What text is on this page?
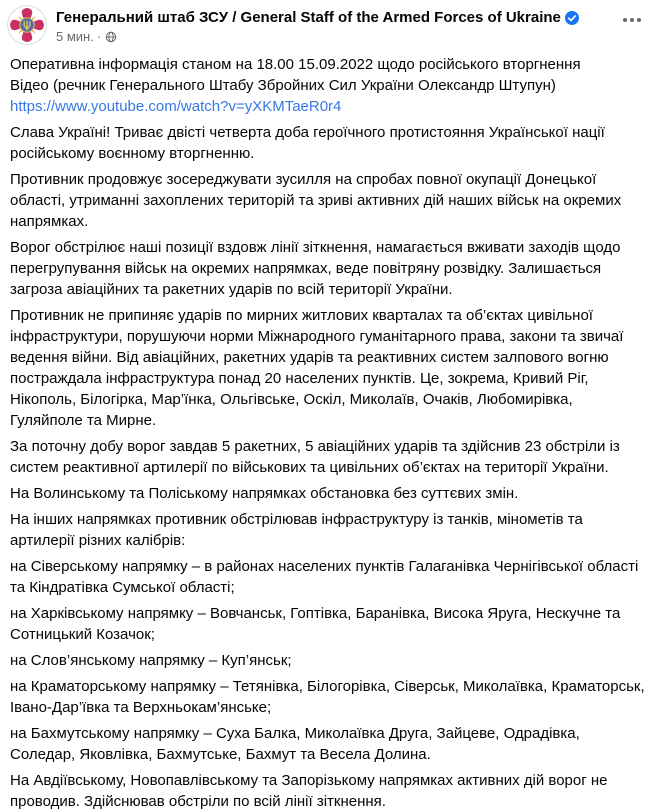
Генеральний штаб ЗСУ / General Staff of the Armed Forces of Ukraine
5 мин. ·
Оперативна інформація станом на 18.00 15.09.2022 щодо російського вторгнення
Відео (речник Генерального Штабу Збройних Сил України Олександр Штупун)
https://www.youtube.com/watch?v=yXKMTaeR0r4
Слава Україні! Триває двісті четверта доба героїчного протистояння Української нації російському воєнному вторгненню.
Противник продовжує зосереджувати зусилля на спробах повної окупації Донецької області, утриманні захоплених територій та зриві активних дій наших військ на окремих напрямках.
Ворог обстрілює наші позиції вздовж лінії зіткнення, намагається вживати заходів щодо перегрупування військ на окремих напрямках, веде повітряну розвідку. Залишається загроза авіаційних та ракетних ударів по всій території України.
Противник не припиняє ударів по мирних житлових кварталах та об’єктах цивільної інфраструктури, порушуючи норми Міжнародного гуманітарного права, закони та звичаї ведення війни. Від авіаційних, ракетних ударів та реактивних систем залпового вогню постраждала інфраструктура понад 20 населених пунктів. Це, зокрема, Кривий Ріг, Нікополь, Білогірка, Мар’їнка, Ольгівське, Оскіл, Миколаїв, Очаків, Любомирівка, Гуляйполе та Мирне.
За поточну добу ворог завдав 5 ракетних, 5 авіаційних ударів та здійснив 23 обстріли із систем реактивної артилерії по військових та цивільних об’єктах на території України.
На Волинському та Поліському напрямках обстановка без суттєвих змін.
На інших напрямках противник обстрілював інфраструктуру із танків, мінометів та артилерії різних калібрів:
на Сіверському напрямку – в районах населених пунктів Галаганівка Чернігівської області та Кіндратівка Сумської області;
на Харківському напрямку – Вовчанськ, Гоптівка, Баранівка, Висока Яруга, Нескучне та Сотницький Козачок;
на Слов’янському напрямку – Куп’янськ;
на Краматорському напрямку – Тетянівка, Білогорівка, Сіверськ, Миколаївка, Краматорськ, Івано-Дар’ївка та Верхньокам’янське;
на Бахмутському напрямку – Суха Балка, Миколаївка Друга, Зайцеве, Одрадівка, Соледар, Яковлівка, Бахмутське, Бахмут та Весела Долина.
На Авдіївському, Новопавлівському та Запорізькому напрямках активних дій ворог не проводив. Здійснював обстріли по всій лінії зіткнення.
